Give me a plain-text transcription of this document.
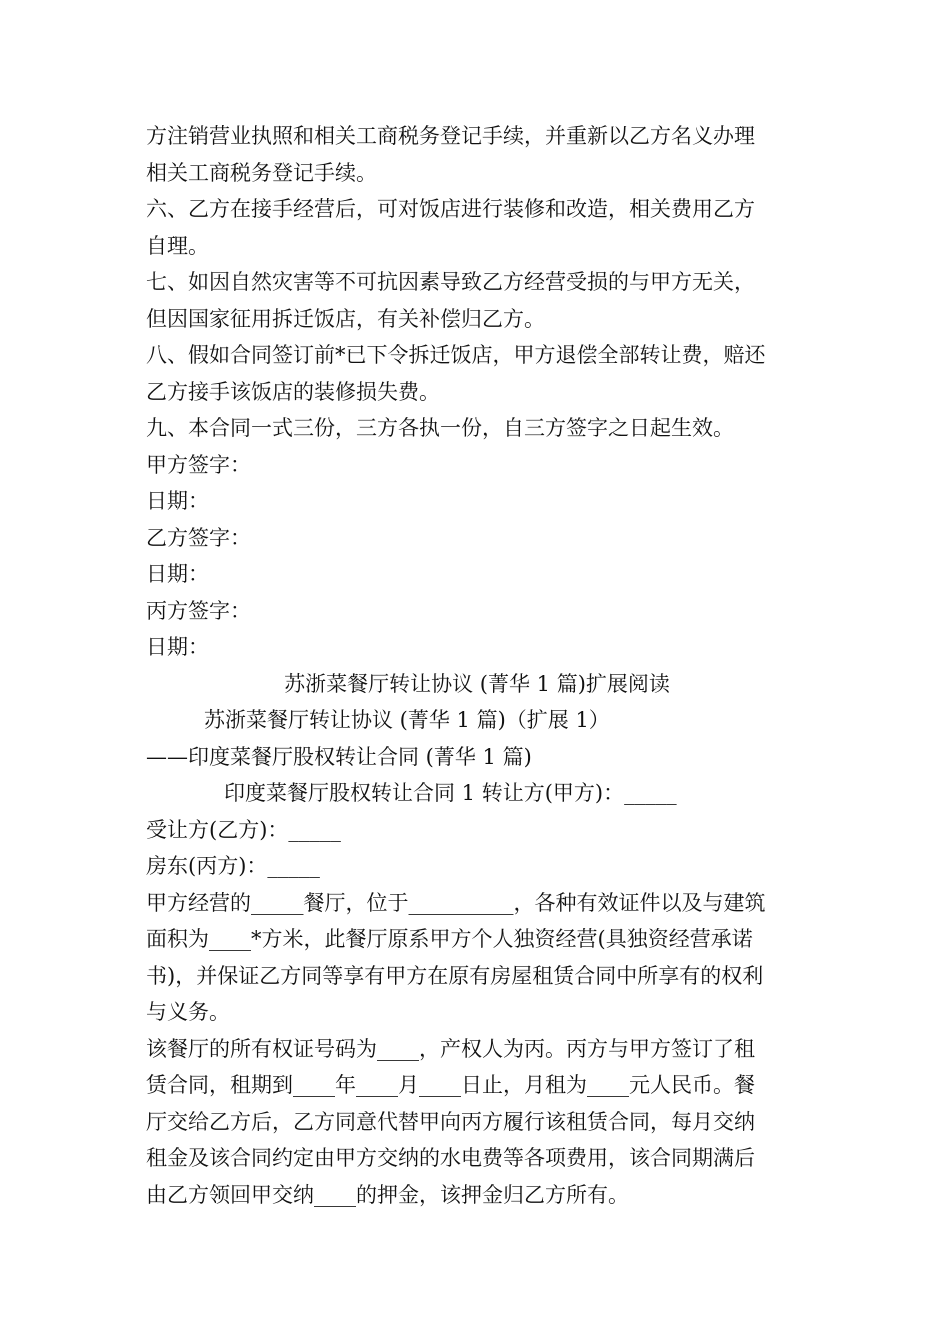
方注销营业执照和相关工商税务登记手续，并重新以乙方名义办理
相关工商税务登记手续。
六、乙方在接手经营后，可对饭店进行装修和改造，相关费用乙方
自理。
七、如因自然灾害等不可抗因素导致乙方经营受损的与甲方无关，
但因国家征用拆迁饭店，有关补偿归乙方。
八、假如合同签订前*已下令拆迁饭店，甲方退偿全部转让费，赔还
乙方接手该饭店的装修损失费。
九、本合同一式三份，三方各执一份，自三方签字之日起生效。
甲方签字：
日期：
乙方签字：
日期：
丙方签字：
日期：
苏浙菜餐厅转让协议 (菁华 1 篇)扩展阅读
苏浙菜餐厅转让协议 (菁华 1 篇)（扩展 1）
——印度菜餐厅股权转让合同 (菁华 1 篇)
印度菜餐厅股权转让合同 1 转让方(甲方)：_____
受让方(乙方)：_____
房东(丙方)：_____
甲方经营的_____餐厅，位于__________，各种有效证件以及与建筑
面积为____*方米，此餐厅原系甲方个人独资经营(具独资经营承诺
书)，并保证乙方同等享有甲方在原有房屋租赁合同中所享有的权利
与义务。
该餐厅的所有权证号码为____，产权人为丙。丙方与甲方签订了租
赁合同，租期到____年____月____日止，月租为____元人民币。餐
厅交给乙方后，乙方同意代替甲向丙方履行该租赁合同，每月交纳
租金及该合同约定由甲方交纳的水电费等各项费用，该合同期满后
由乙方领回甲交纳____的押金，该押金归乙方所有。
